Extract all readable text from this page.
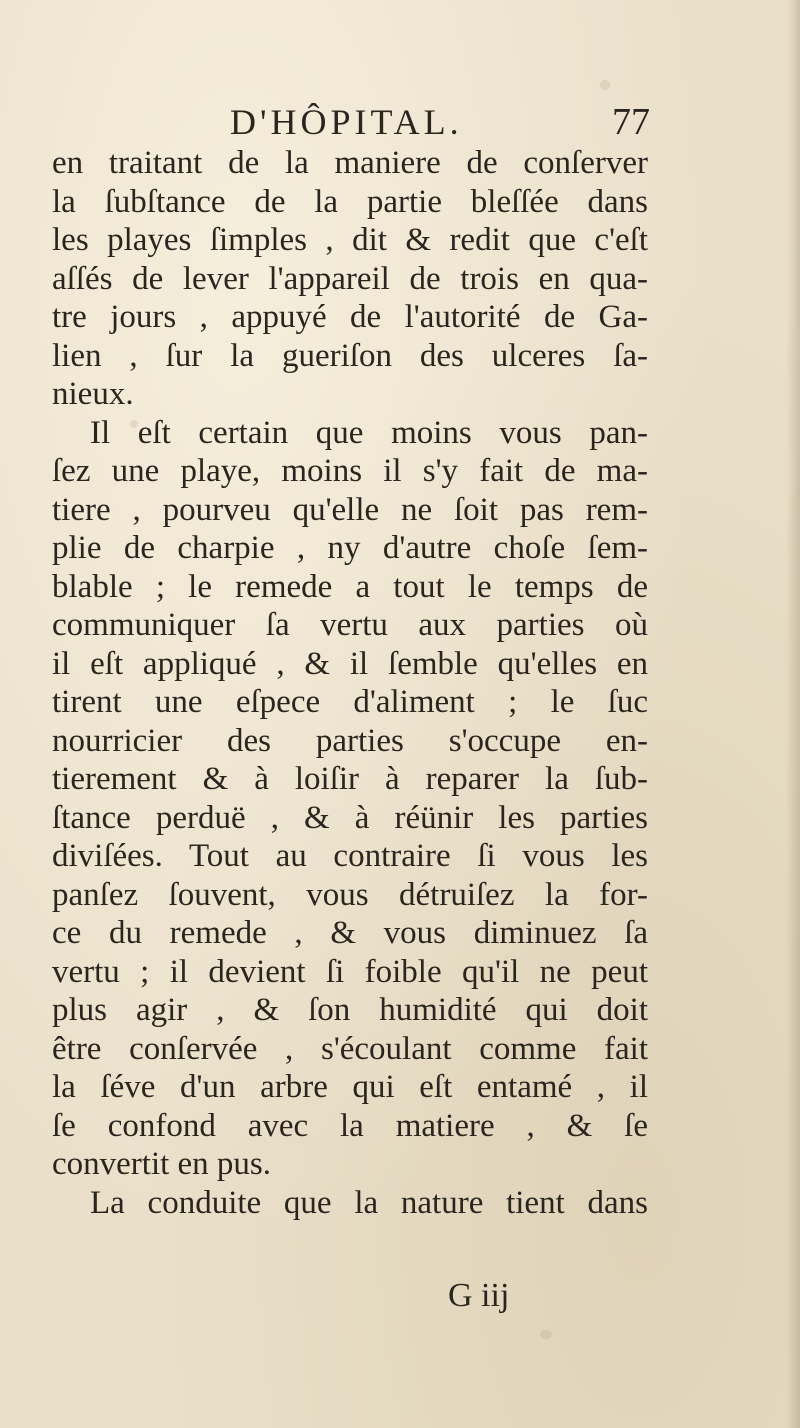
D'HÔPITAL.	77
en traitant de la maniere de conſerver
la ſubſtance de la partie bleſſée dans
les playes ſimples , dit & redit que c'eſt
aſſés de lever l'appareil de trois en qua-
tre jours , appuyé de l'autorité de Ga-
lien , ſur la gueriſon des ulceres ſa-
nieux.
Il eſt certain que moins vous pan-
ſez une playe, moins il s'y fait de ma-
tiere , pourveu qu'elle ne ſoit pas rem-
plie de charpie , ny d'autre choſe ſem-
blable ; le remede a tout le temps de
communiquer ſa vertu aux parties où
il eſt appliqué , & il ſemble qu'elles en
tirent une eſpece d'aliment ; le ſuc
nourricier des parties s'occupe en-
tierement & à loiſir à reparer la ſub-
ſtance perduë , & à réünir les parties
diviſées. Tout au contraire ſi vous les
panſez ſouvent, vous détruiſez la for-
ce du remede , & vous diminuez ſa
vertu ; il devient ſi foible qu'il ne peut
plus agir , & ſon humidité qui doit
être conſervée , s'écoulant comme fait
la ſéve d'un arbre qui eſt entamé , il
ſe confond avec la matiere , & ſe
convertit en pus.
La conduite que la nature tient dans
G iij
